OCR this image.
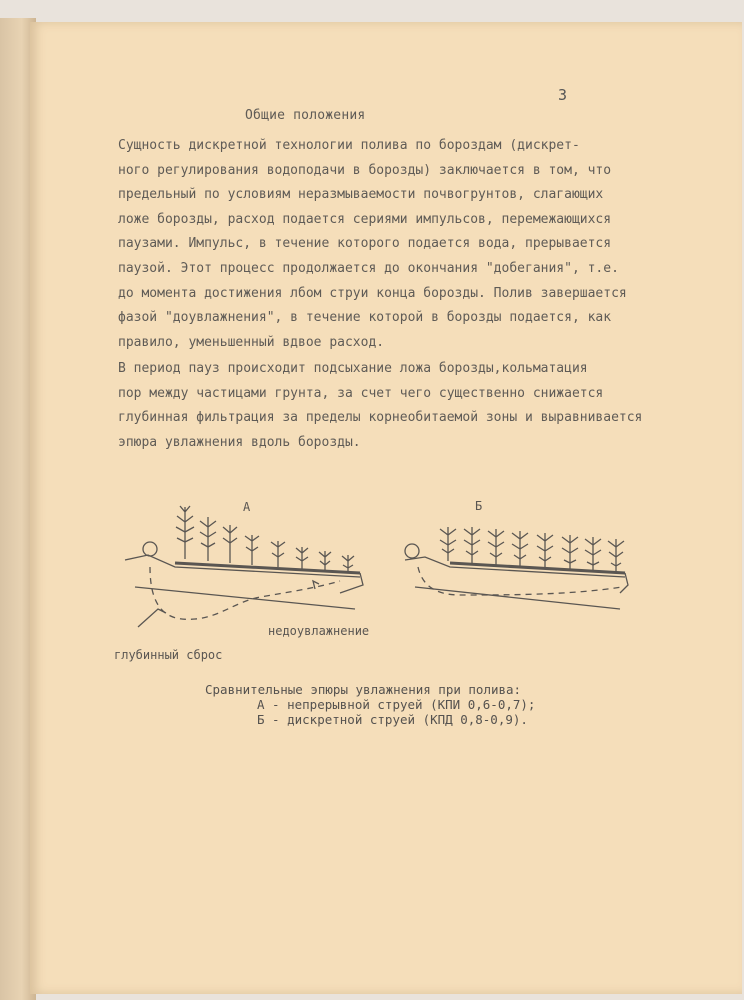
3
Общие положения
Сущность дискретной технологии полива по бороздам (дискрет-
ного регулирования водоподачи в борозды) заключается в том, что
предельный по условиям неразмываемости почвогрунтов, слагающих
ложе борозды, расход подается сериями импульсов, перемежающихся
паузами. Импульс, в течение которого подается вода, прерывается
паузой. Этот процесс продолжается до окончания "добегания", т.е.
до момента достижения лбом струи конца борозды. Полив завершается
фазой "доувлажнения", в течение которой в борозды подается, как
правило, уменьшенный вдвое расход.
В период пауз происходит подсыхание ложа борозды,кольматация
пор между частицами грунта, за счет чего существенно снижается
глубинная фильтрация за пределы корнеобитаемой зоны и выравнивается
эпюра увлажнения вдоль борозды.
А	Б
недоувлажнение
глубинный сброс
Сравнительные эпюры увлажнения при полива:
А - непрерывной струей (КПИ 0,6-0,7);
Б - дискретной струей (КПД 0,8-0,9).
